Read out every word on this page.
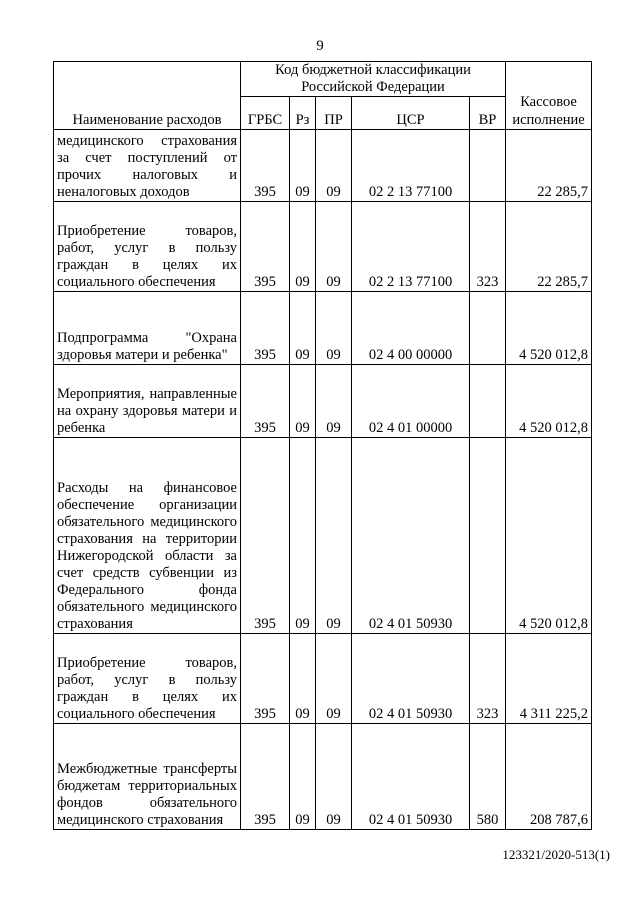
9
Наименование расходов	Код бюджетной классификации Российской Федерации					Кассовое исполнение
	ГРБС	Рз	ПР	ЦСР	ВР	

медицинского страхования за счет поступлений от прочих налоговых и неналоговых доходов	395	09	09	02 2 13 77100		22 285,7

Приобретение товаров, работ, услуг в пользу граждан в целях их социального обеспечения	395	09	09	02 2 13 77100	323	22 285,7

Подпрограмма "Охрана здоровья матери и ребенка"	395	09	09	02 4 00 00000		4 520 012,8

Мероприятия, направленные на охрану здоровья матери и ребенка	395	09	09	02 4 01 00000		4 520 012,8

Расходы на финансовое обеспечение организации обязательного медицинского страхования на территории Нижегородской области за счет средств субвенции из Федерального фонда обязательного медицинского страхования	395	09	09	02 4 01 50930		4 520 012,8

Приобретение товаров, работ, услуг в пользу граждан в целях их социального обеспечения	395	09	09	02 4 01 50930	323	4 311 225,2

Межбюджетные трансферты бюджетам территориальных фондов обязательного медицинского страхования	395	09	09	02 4 01 50930	580	208 787,6
123321/2020-513(1)
